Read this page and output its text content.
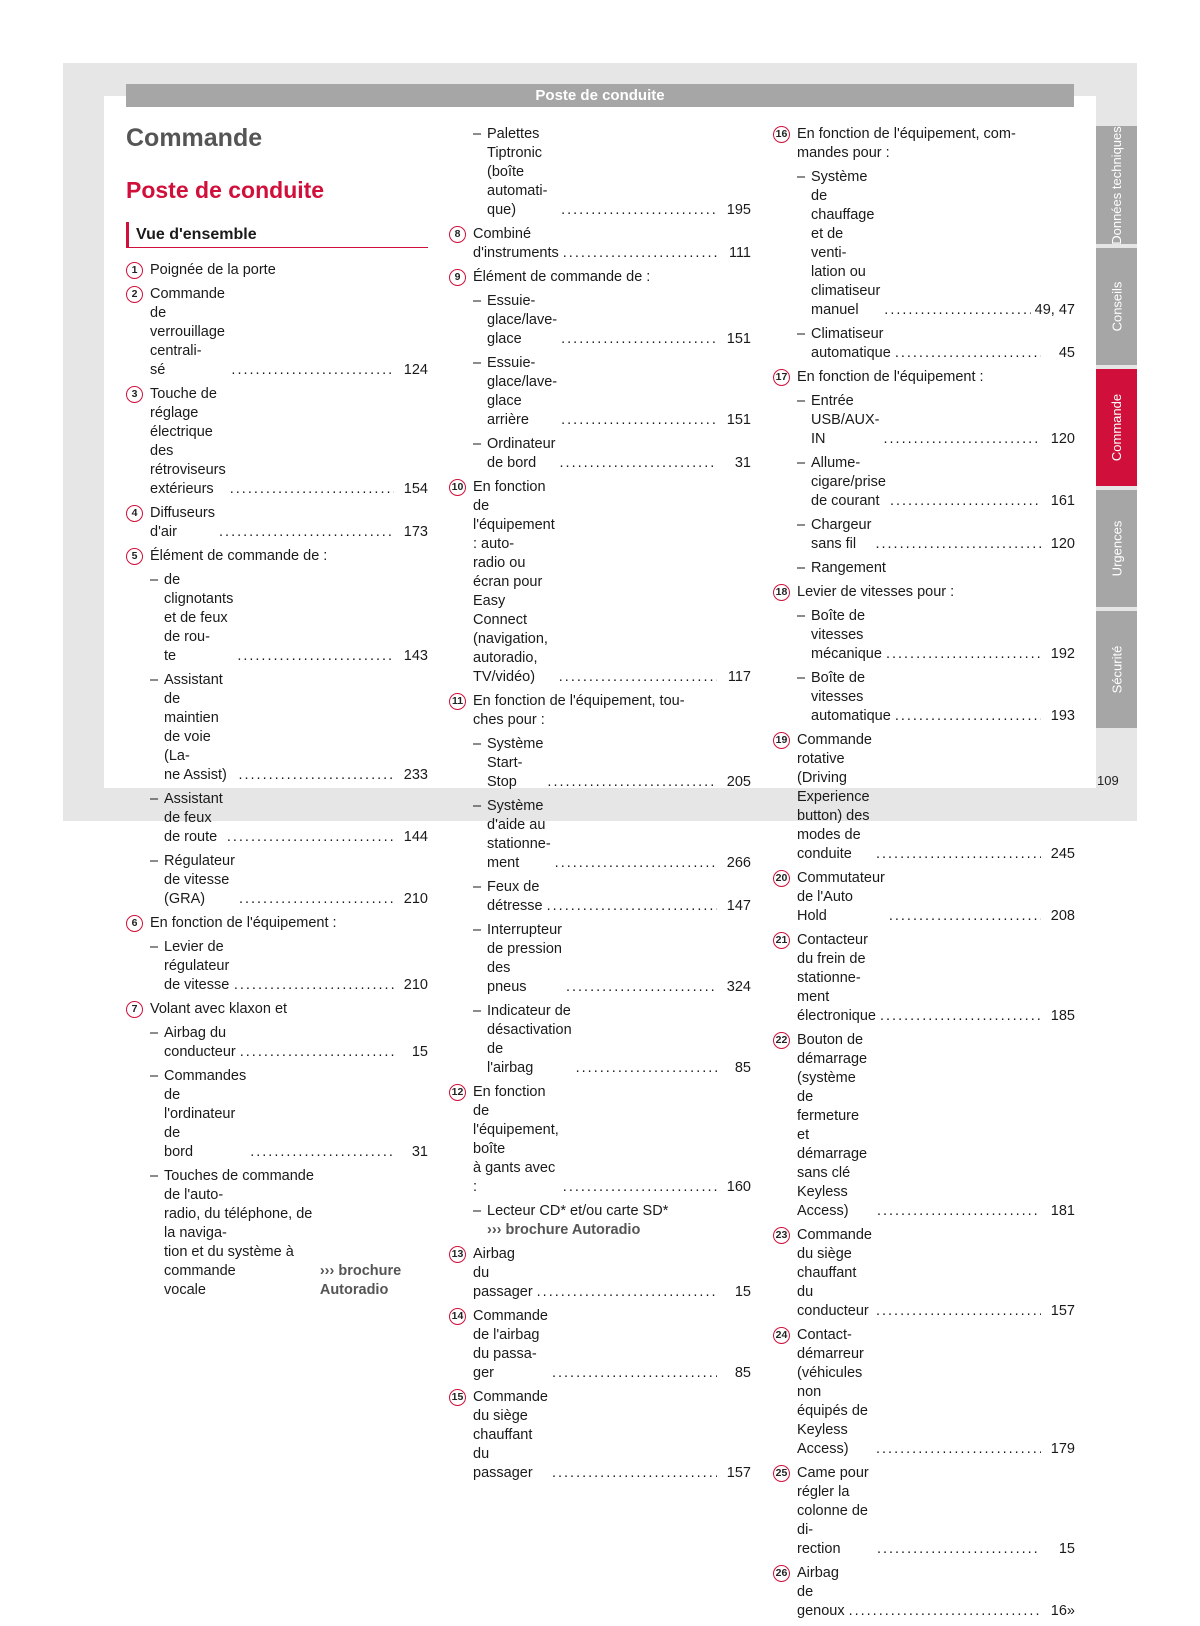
Poste de conduite
Commande
Poste de conduite
Vue d'ensemble
1 Poignée de la porte
2 Commande de verrouillage centrali-
sé .....	124
3 Touche de réglage électrique des
rétroviseurs extérieurs .....	154
4 Diffuseurs d'air .....	173
5 Élément de commande de :
– de clignotants et de feux de rou-
te .....	143
– Assistant de maintien de voie (La-
ne Assist) .....	233
– Assistant de feux de route .....	144
– Régulateur de vitesse (GRA) .....	210
6 En fonction de l'équipement :
– Levier de régulateur de vitesse .....	210
7 Volant avec klaxon et
– Airbag du conducteur .....	15
– Commandes de l'ordinateur de
bord .....	31
– Touches de commande de l'auto-
radio, du téléphone, de la naviga-
tion et du système à commande
vocale
››› brochure Autoradio
– Palettes Tiptronic (boîte automati-
que) .....	195
8 Combiné d'instruments .....	111
9 Élément de commande de :
– Essuie-glace/lave-glace .....	151
– Essuie-glace/lave-glace arrière .....	151
– Ordinateur de bord .....	31
10 En fonction de l'équipement : auto-
radio ou écran pour Easy Connect
(navigation, autoradio, TV/vidéo) .....	117
11 En fonction de l'équipement, tou-
ches pour :
– Système Start-Stop .....	205
– Système d'aide au stationne-
ment .....	266
– Feux de détresse .....	147
– Interrupteur de pression des
pneus .....	324
– Indicateur de désactivation de
l'airbag .....	85
12 En fonction de l'équipement, boîte
à gants avec : .....	160
– Lecteur CD* et/ou carte SD*
››› brochure Autoradio
13 Airbag du passager .....	15
14 Commande de l'airbag du passa-
ger .....	85
15 Commande du siège chauffant du
passager .....	157
16 En fonction de l'équipement, com-
mandes pour :
– Système de chauffage et de venti-
lation ou climatiseur manuel .....	49, 47
– Climatiseur automatique .....	45
17 En fonction de l'équipement :
– Entrée USB/AUX-IN .....	120
– Allume-cigare/prise de courant .....	161
– Chargeur sans fil .....	120
– Rangement
18 Levier de vitesses pour :
– Boîte de vitesses mécanique .....	192
– Boîte de vitesses automatique .....	193
19 Commande rotative (Driving
Experience button) des modes de
conduite .....	245
20 Commutateur de l'Auto Hold .....	208
21 Contacteur du frein de stationne-
ment électronique .....	185
22 Bouton de démarrage (système de
fermeture et démarrage sans clé
Keyless Access) .....	181
23 Commande du siège chauffant du
conducteur .....	157
24 Contact-démarreur (véhicules non
équipés de Keyless Access) .....	179
25 Came pour régler la colonne de di-
rection .....	15
26 Airbag de genoux .....	16»
Données techniques
Conseils
Commande
Urgences
Sécurité
109
